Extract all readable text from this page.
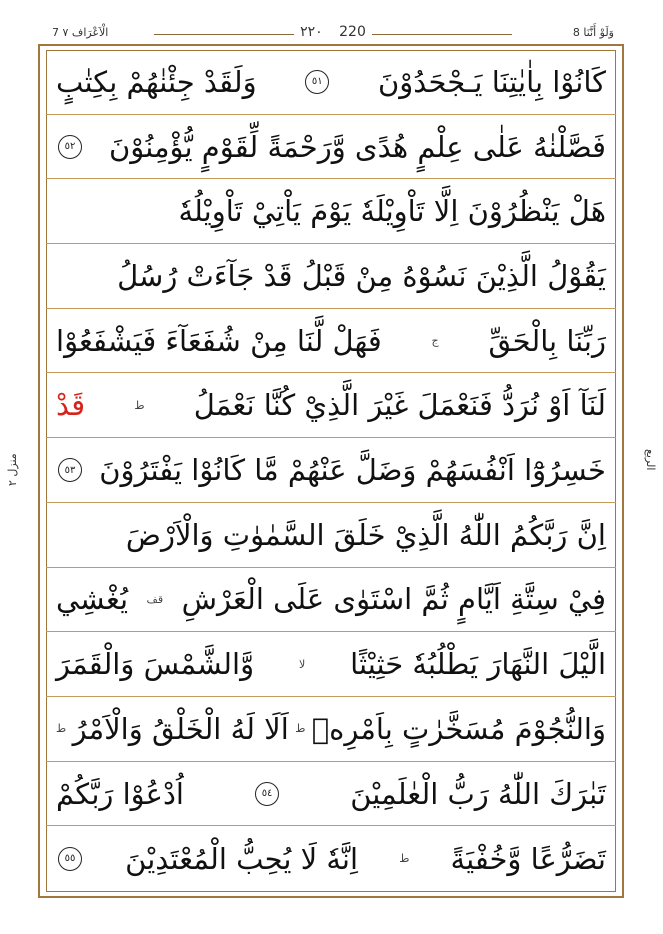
8 وَلَوْ أَنَّنَا
٢٢٠ 220
7 الْاَعْرَاف ٧
منزل ٢	الربع
كَانُوْا بِاٰيٰتِنَا يَـجْحَدُوْنَ
٥١
وَلَقَدْ جِئْنٰهُمْ بِكِتٰبٍ
فَصَّلْنٰهُ عَلٰى عِلْمٍ هُدًى وَّرَحْمَةً لِّقَوْمٍ يُّؤْمِنُوْنَ
٥٢
هَلْ يَنْظُرُوْنَ اِلَّا تَاْوِيْلَهٗ يَوْمَ يَاْتِيْ تَاْوِيْلُهٗ
يَقُوْلُ الَّذِيْنَ نَسُوْهُ مِنْ قَبْلُ قَدْ جَآءَتْ رُسُلُ
رَبِّنَا بِالْحَقِّ
ج
فَهَلْ لَّنَا مِنْ شُفَعَآءَ فَيَشْفَعُوْا
لَنَآ اَوْ نُرَدُّ فَنَعْمَلَ غَيْرَ الَّذِيْ كُنَّا نَعْمَلُ
ط
قَدْ
خَسِرُوْٓا اَنْفُسَهُمْ وَضَلَّ عَنْهُمْ مَّا كَانُوْا يَفْتَرُوْنَ
٥٣
اِنَّ رَبَّكُمُ اللّٰهُ الَّذِيْ خَلَقَ السَّمٰوٰتِ وَالْاَرْضَ
فِيْ سِتَّةِ اَيَّامٍ ثُمَّ اسْتَوٰى عَلَى الْعَرْشِ
قف
يُغْشِي
الَّيْلَ النَّهَارَ يَطْلُبُهٗ حَثِيْثًا
لا
وَّالشَّمْسَ وَالْقَمَرَ
وَالنُّجُوْمَ مُسَخَّرٰتٍ بِاَمْرِهٖ
ط
اَلَا لَهُ الْخَلْقُ وَالْاَمْرُ
ط
تَبٰرَكَ اللّٰهُ رَبُّ الْعٰلَمِيْنَ
٥٤
اُدْعُوْا رَبَّكُمْ
تَضَرُّعًا وَّخُفْيَةً
ط
اِنَّهٗ لَا يُحِبُّ الْمُعْتَدِيْنَ
٥٥
